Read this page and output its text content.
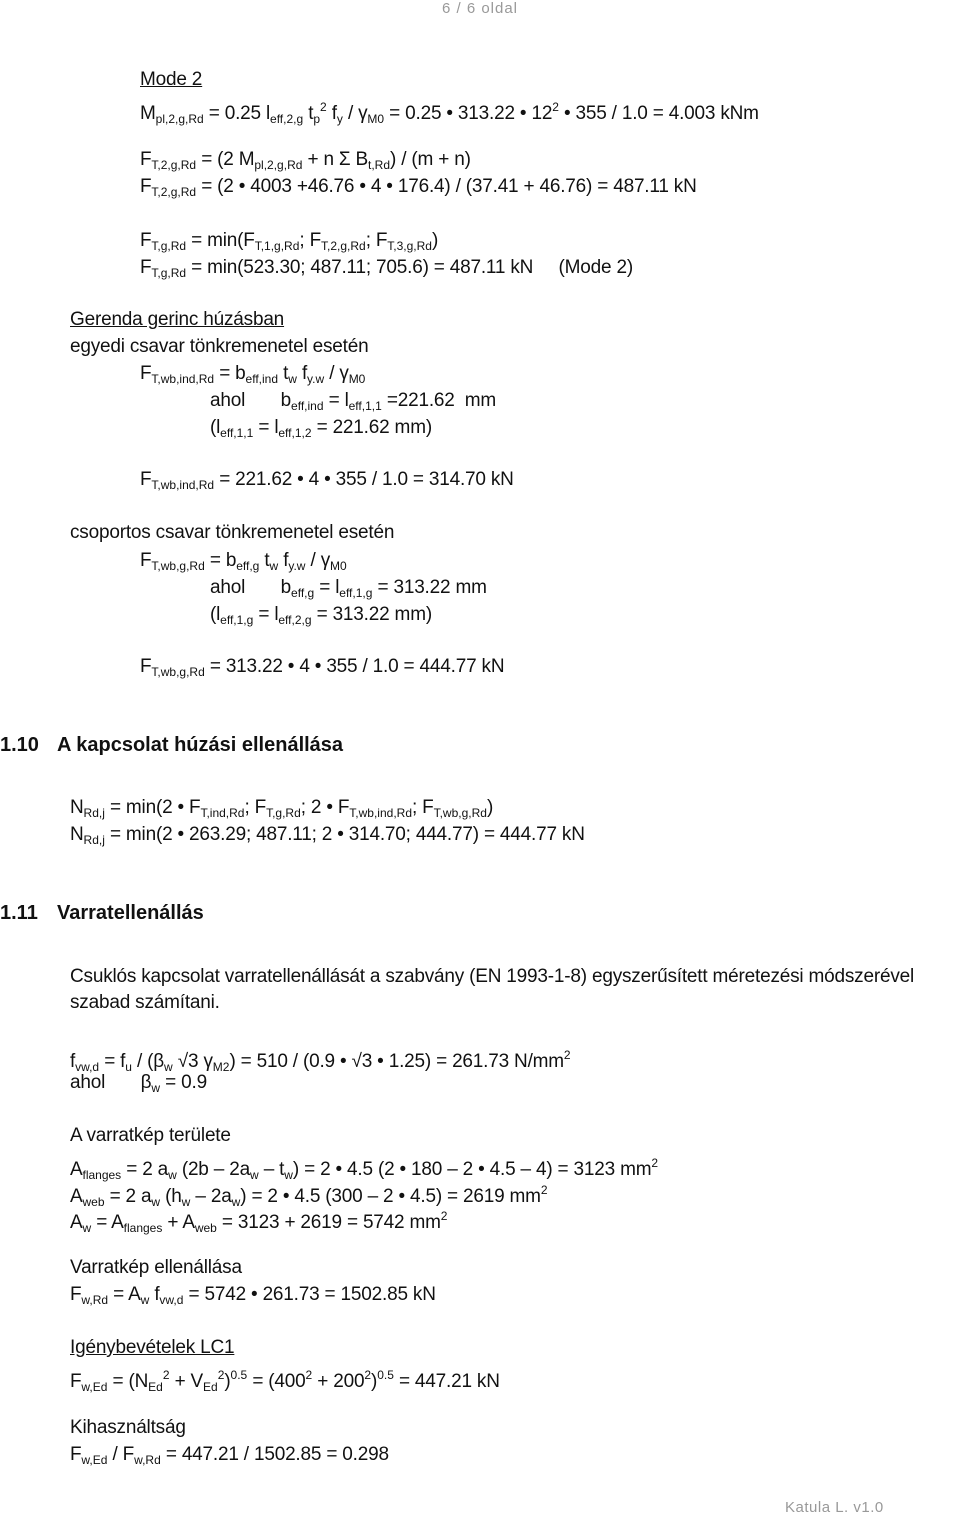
6 / 6 oldal
Mode 2
$M_{pl,2,g,Rd} = 0.25$ $l_{eff,2,g}$ $t_p^2$ $f_y / \gamma_{M0} = 0.25$ • 313.22 • $12^2$ • 355 / 1.0 = 4.003 kNm
$F_{T,2,g,Rd} = (2$ $M_{pl,2,g,Rd} + n$ Σ $B_{t,Rd}) / (m + n)$
$F_{T,2,g,Rd} = (2$ • 4003 +46.76 • 4 • 176.4) / (37.41 + 46.76) = 487.11 kN
$F_{T,g,Rd} = \min(F_{T,1,g,Rd}$; $F_{T,2,g,Rd}$; $F_{T,3,g,Rd}$)
$F_{T,g,Rd} = \min(523.30$; 487.11; 705.6) = 487.11 kN     (Mode 2)
Gerenda gerinc húzásban
egyedi csavar tönkremenetel esetén
$F_{T,wb,ind,Rd} = b_{eff,ind}$ $t_w$ $f_{y.w} / \gamma_{M0}$
ahol       $b_{eff,ind} = l_{eff,1,1} =221.62$  mm
($l_{eff,1,1} = l_{eff,1,2} = 221.62$ mm)
$F_{T,wb,ind,Rd} = 221.62$ • 4 • 355 / 1.0 = 314.70 kN
csoportos csavar tönkremenetel esetén
$F_{T,wb,g,Rd} = b_{eff,g}$ $t_w$ $f_{y.w} / \gamma_{M0}$
ahol       $b_{eff,g} = l_{eff,1,g} = 313.22$ mm
($l_{eff,1,g} = l_{eff,2,g} = 313.22$ mm)
$F_{T,wb,g,Rd} = 313.22$ • 4 • 355 / 1.0 = 444.77 kN

1.10

A kapcsolat húzási ellenállása

$N_{Rd,j} = \min(2$ • $F_{T,ind,Rd}$; $F_{T,g,Rd}$; 2 • $F_{T,wb,ind,Rd}$; $F_{T,wb,g,Rd}$)
$N_{Rd,j} = \min(2$ • 263.29; 487.11; 2 • 314.70; 444.77) = 444.77 kN

1.11

Varratellenállás

Csuklós kapcsolat varratellenállását a szabvány (EN 1993-1-8) egyszerűsített méretezési módszerével
szabad számítani.
$f_{vw,d} = f_u / (\beta_w$ √3 $\gamma_{M2}) = 510 / (0.9$ • √3 • 1.25) = 261.73 $N/mm^2$
ahol       $\beta_w = 0.9$
A varratkép területe
$A_{flanges} = 2$ $a_w$ $(2b - 2a_w - t_w) = 2$ • 4.5 (2 • 180 – 2 • 4.5 – 4) = 3123 $mm^2$
$A_{web} = 2$ $a_w$ $(h_w - 2a_w) = 2$ • 4.5 (300 – 2 • 4.5) = 2619 $mm^2$
$A_w = A_{flanges} + A_{web} = 3123 + 2619 = 5742$ $mm^2$
Varratkép ellenállása
$F_{w,Rd} = A_w$ $f_{vw,d} = 5742$ • 261.73 = 1502.85 kN
Igénybevételek LC1
$F_{w,Ed} = (N_{Ed}^2 + V_{Ed}^2)^{0.5} = (400^2 + 200^2)^{0.5} = 447.21$ kN
Kihasználtság
$F_{w,Ed} / F_{w,Rd} = 447.21 / 1502.85 = 0.298$
Katula L. v1.0
